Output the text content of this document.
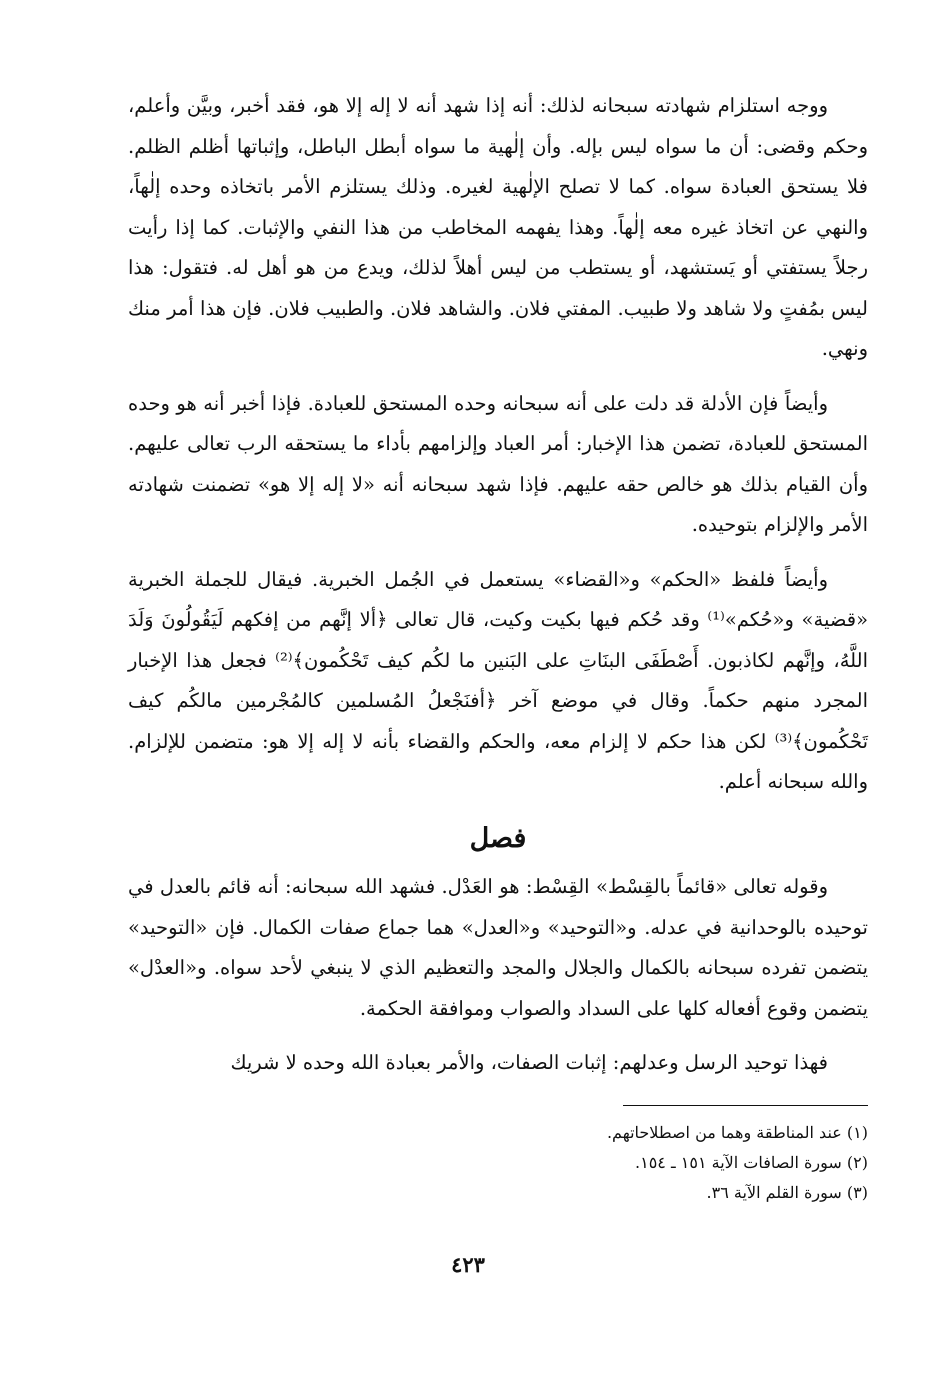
ووجه استلزام شهادته سبحانه لذلك: أنه إذا شهد أنه لا إله إلا هو، فقد أخبر، وبيَّن وأعلم، وحكم وقضى: أن ما سواه ليس بإله. وأن إلٰهية ما سواه أبطل الباطل، وإثباتها أظلم الظلم. فلا يستحق العبادة سواه. كما لا تصلح الإلٰهية لغيره. وذلك يستلزم الأمر باتخاذه وحده إلٰهاً، والنهي عن اتخاذ غيره معه إلٰهاً. وهذا يفهمه المخاطب من هذا النفي والإثبات. كما إذا رأيت رجلاً يستفتي أو يَستشهد، أو يستطب من ليس أهلاً لذلك، ويدع من هو أهل له. فتقول: هذا ليس بمُفتٍ ولا شاهد ولا طبيب. المفتي فلان. والشاهد فلان. والطبيب فلان. فإن هذا أمر منك ونهي.

وأيضاً فإن الأدلة قد دلت على أنه سبحانه وحده المستحق للعبادة. فإذا أخبر أنه هو وحده المستحق للعبادة، تضمن هذا الإخبار: أمر العباد وإلزامهم بأداء ما يستحقه الرب تعالى عليهم. وأن القيام بذلك هو خالص حقه عليهم. فإذا شهد سبحانه أنه «لا إله إلا هو» تضمنت شهادته الأمر والإلزام بتوحيده.

وأيضاً فلفظ «الحكم» و«القضاء» يستعمل في الجُمل الخبرية. فيقال للجملة الخبرية «قضية» و«حُكم»⁽¹⁾ وقد حُكم فيها بكيت وكيت، قال تعالى ﴿ألا إنَّهم من إفكهم لَيَقُولُونَ وَلَدَ اللَّهُ، وإنَّهم لكاذبون. أَصْطَفَى البنَاتِ على البَنين ما لكُم كيف تَحْكُمون﴾⁽²⁾ فجعل هذا الإخبار المجرد منهم حكماً. وقال في موضع آخر ﴿أفنَجْعلُ المُسلمين كالمُجْرمين مالكُم كيف تَحْكُمون﴾⁽³⁾ لكن هذا حكم لا إلزام معه، والحكم والقضاء بأنه لا إله إلا هو: متضمن للإلزام. والله سبحانه أعلم.

فصل

وقوله تعالى «قائماً بالقِسْط» القِسْط: هو العَدْل. فشهد الله سبحانه: أنه قائم بالعدل في توحيده بالوحدانية في عدله. و«التوحيد» و«العدل» هما جماع صفات الكمال. فإن «التوحيد» يتضمن تفرده سبحانه بالكمال والجلال والمجد والتعظيم الذي لا ينبغي لأحد سواه. و«العدْل» يتضمن وقوع أفعاله كلها على السداد والصواب وموافقة الحكمة.

فهذا توحيد الرسل وعدلهم: إثبات الصفات، والأمر بعبادة الله وحده لا شريك

(١) عند المناطقة وهما من اصطلاحاتهم.

(٢) سورة الصافات الآية ١٥١ ـ ١٥٤.

(٣) سورة القلم الآية ٣٦.

٤٢٣
